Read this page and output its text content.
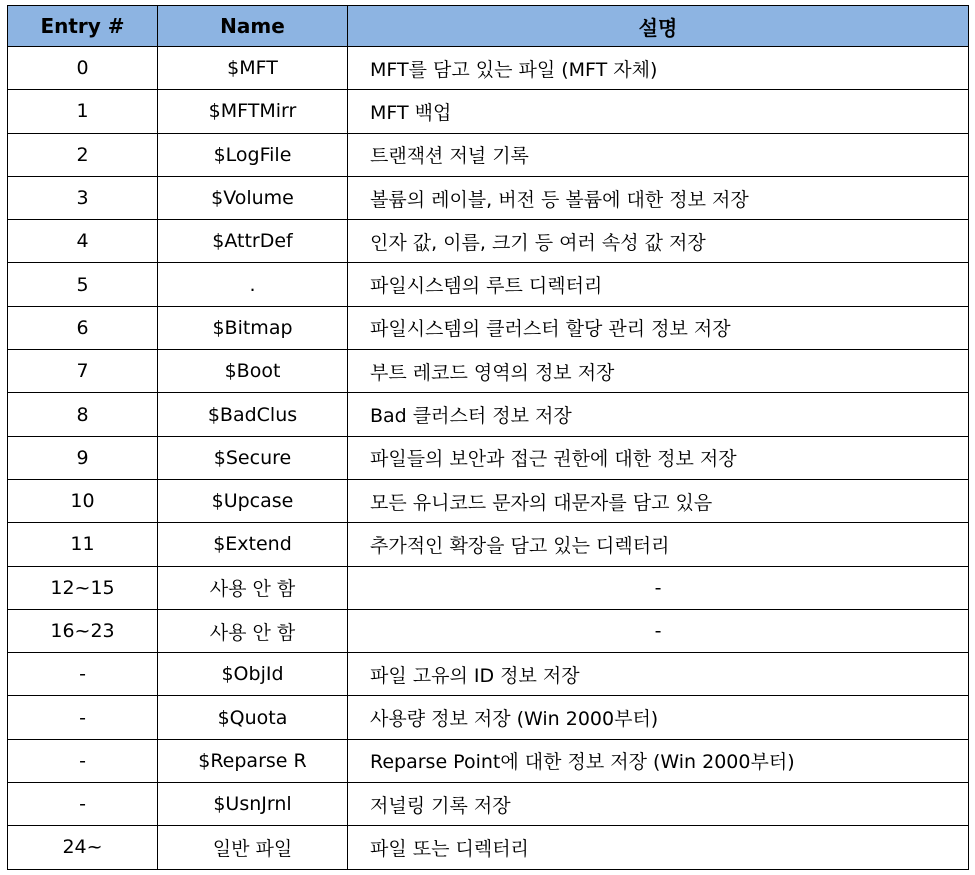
Entry #	Name	설명
0	$MFT	MFT를 담고 있는 파일 (MFT 자체)
1	$MFTMirr	MFT 백업
2	$LogFile	트랜잭션 저널 기록
3	$Volume	볼륨의 레이블, 버전 등 볼륨에 대한 정보 저장
4	$AttrDef	인자 값, 이름, 크기 등 여러 속성 값 저장
5	.	파일시스템의 루트 디렉터리
6	$Bitmap	파일시스템의 클러스터 할당 관리 정보 저장
7	$Boot	부트 레코드 영역의 정보 저장
8	$BadClus	Bad 클러스터 정보 저장
9	$Secure	파일들의 보안과 접근 권한에 대한 정보 저장
10	$Upcase	모든 유니코드 문자의 대문자를 담고 있음
11	$Extend	추가적인 확장을 담고 있는 디렉터리
12~15	사용 안 함	-
16~23	사용 안 함	-
-	$ObjId	파일 고유의 ID 정보 저장
-	$Quota	사용량 정보 저장 (Win 2000부터)
-	$Reparse R	Reparse Point에 대한 정보 저장 (Win 2000부터)
-	$UsnJrnl	저널링 기록 저장
24~	일반 파일	파일 또는 디렉터리
